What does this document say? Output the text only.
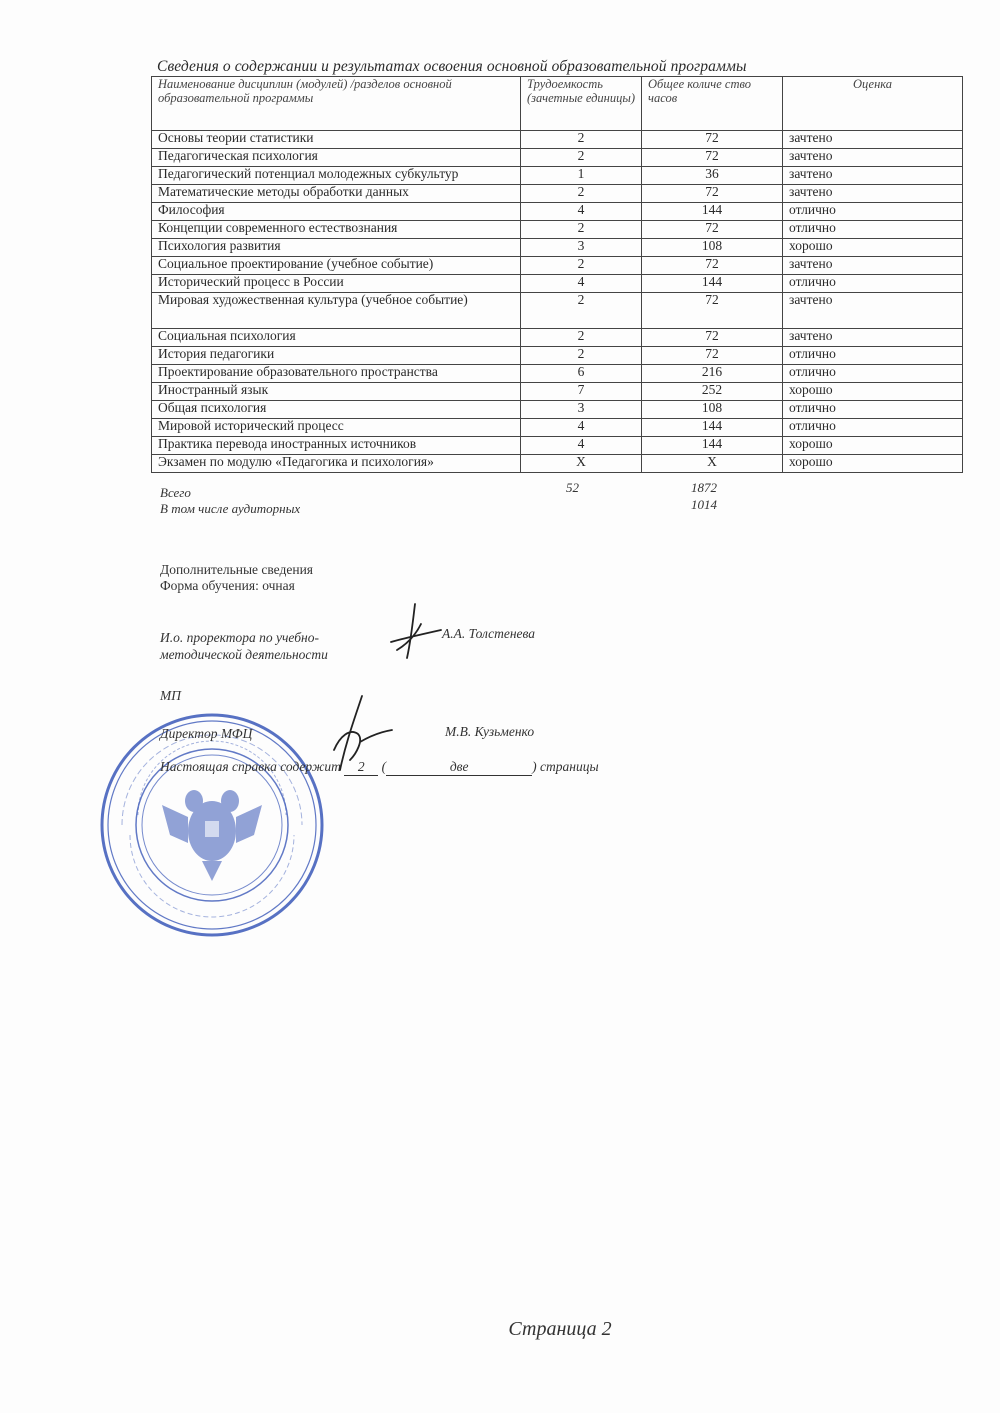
Сведения о содержании и результатах освоения основной образовательной программы
Наименование дисциплин (модулей) /разделов основной образовательной программы	Трудоемкость (зачетные единицы)	Общее количе ство часов	Оценка
Основы теории статистики	2	72	зачтено
Педагогическая психология	2	72	зачтено
Педагогический потенциал молодежных субкультур	1	36	зачтено
Математические методы обработки данных	2	72	зачтено
Философия	4	144	отлично
Концепции современного естествознания	2	72	отлично
Психология развития	3	108	хорошо
Социальное проектирование (учебное событие)	2	72	зачтено
Исторический процесс в России	4	144	отлично
Мировая художественная культура (учебное событие)	2	72	зачтено
Социальная психология	2	72	зачтено
История педагогики	2	72	отлично
Проектирование образовательного пространства	6	216	отлично
Иностранный язык	7	252	хорошо
Общая психология	3	108	отлично
Мировой исторический процесс	4	144	отлично
Практика перевода иностранных источников	4	144	хорошо
Экзамен по модулю «Педагогика и психология»	Х	Х	хорошо
Всего	52	1872
В том числе аудиторных	1014
Дополнительные сведения
Форма обучения: очная
И.о. проректора по учебно-
методической деятельности
А.А. Толстенева
МП
Директор МФЦ	М.В. Кузьменко
Настоящая справка содержит 2 (	две	) страницы
Страница 2
